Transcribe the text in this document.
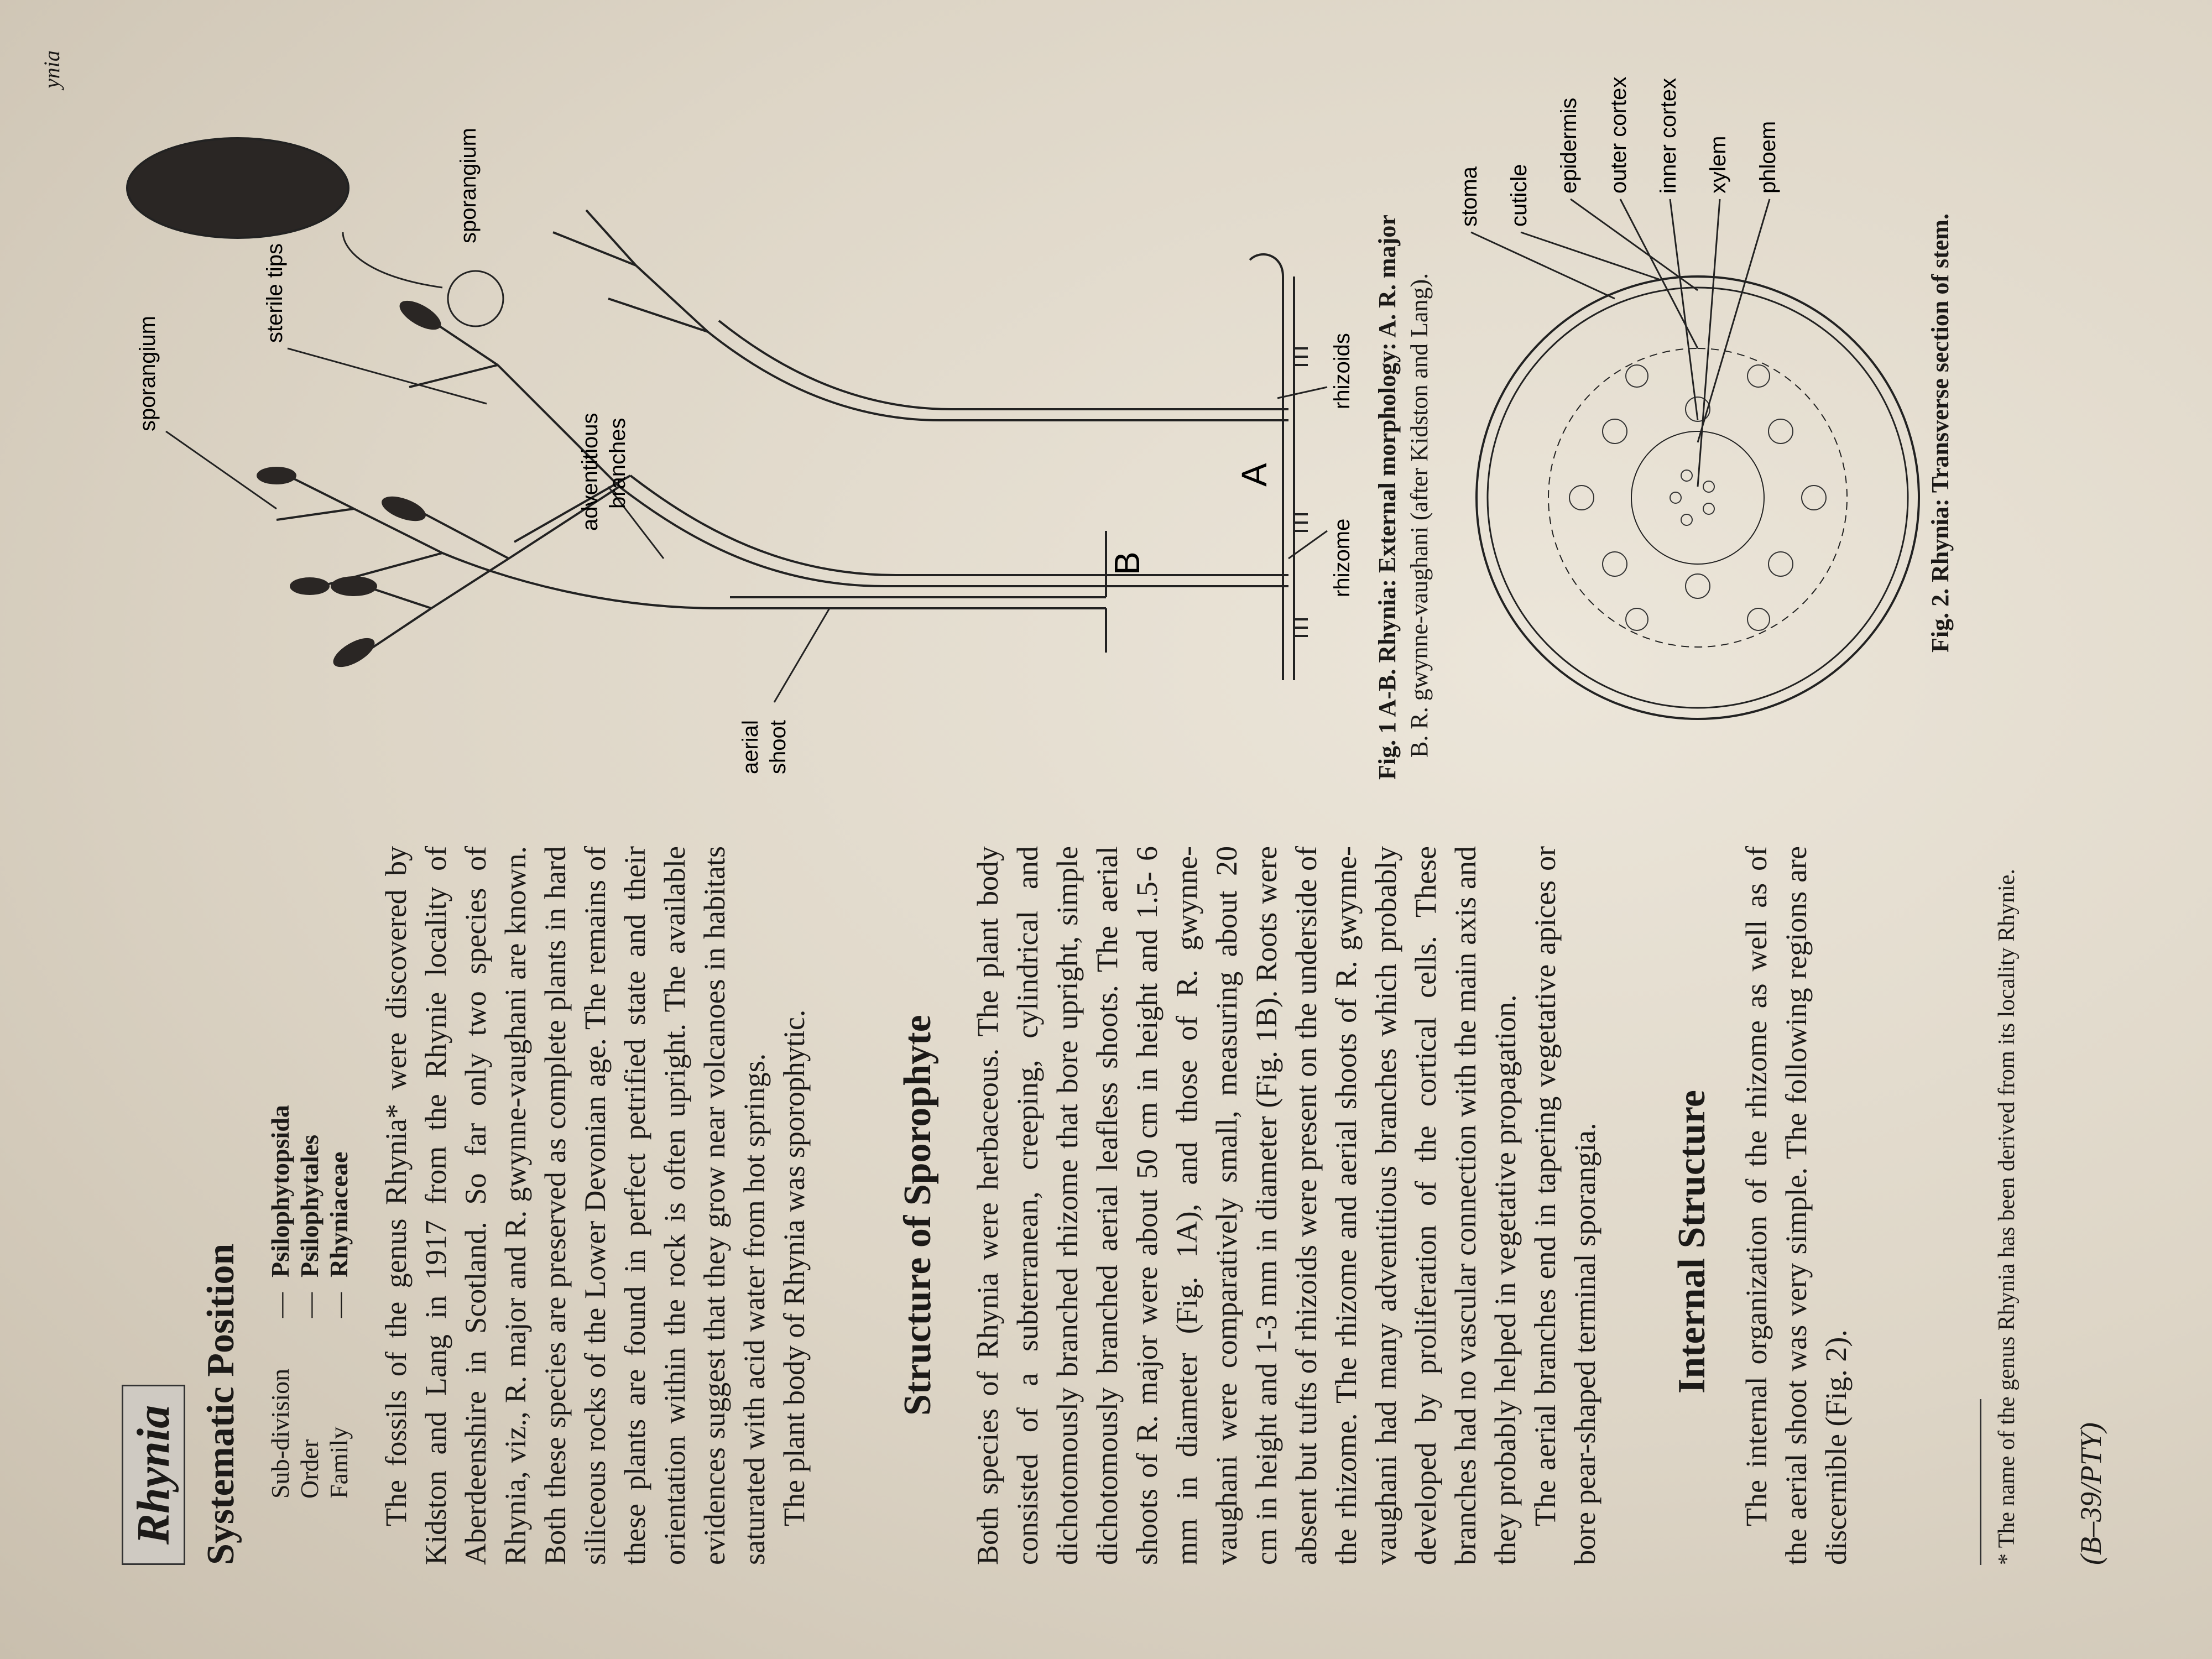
ynia
Rhynia Systematic Position Sub-division
—
Psilophytopsida
Order
—
Psilophytales
Family
—
Rhyniaceae The fossils of the genus Rhynia* were discovered by Kidston and Lang in 1917 from the Rhynie locality of Aberdeenshire in Scotland. So far only two species of Rhynia, viz., R. major and R. gwynne-vaughani are known. Both these species are preserved as complete plants in hard siliceous rocks of the Lower Devonian age. The remains of these plants are found in perfect petrified state and their orientation within the rock is often upright. The available evidences suggest that they grow near volcanoes in habitats saturated with acid water from hot springs. The plant body of Rhynia was sporophytic. Structure of Sporophyte Both species of Rhynia were herbaceous. The plant body consisted of a subterranean, creeping, cylindrical and dichotomously branched rhizome that bore upright, simple dichotomously branched aerial leafless shoots. The aerial shoots of R. major were about 50 cm in height and 1.5- 6 mm in diameter (Fig. 1A), and those of R. gwynne-vaughani were comparatively small, measuring about 20 cm in height and 1-3 mm in diameter (Fig. 1B). Roots were absent but tufts of rhizoids were present on the underside of the rhizome. The rhizome and aerial shoots of R. gwynne-vaughani had many adventitious branches which probably developed by proliferation of the cortical cells. These branches had no vascular connection with the main axis and they probably helped in vegetative propagation. The aerial branches end in tapering vegetative apices or bore pear-shaped terminal sporangia. Internal Structure The internal organization of the rhizome as well as of the aerial shoot was very simple. The following regions are discernible (Fig. 2).	* The name of the genus Rhynia has been derived from its locality Rhynie. (B–39/PTY)
sporangium
sterile tips
sporangium
adventitious branches
aerial shoot
rhizome
rhizoids
A
B	Fig. 1 A-B. Rhynia: External morphology: A. R. major B. R. gwynne-vaughani (after Kidston and Lang).
stoma cuticle
epidermis outer cortex inner cortex xylem phloem
Fig. 2. Rhynia: Transverse section of stem.
